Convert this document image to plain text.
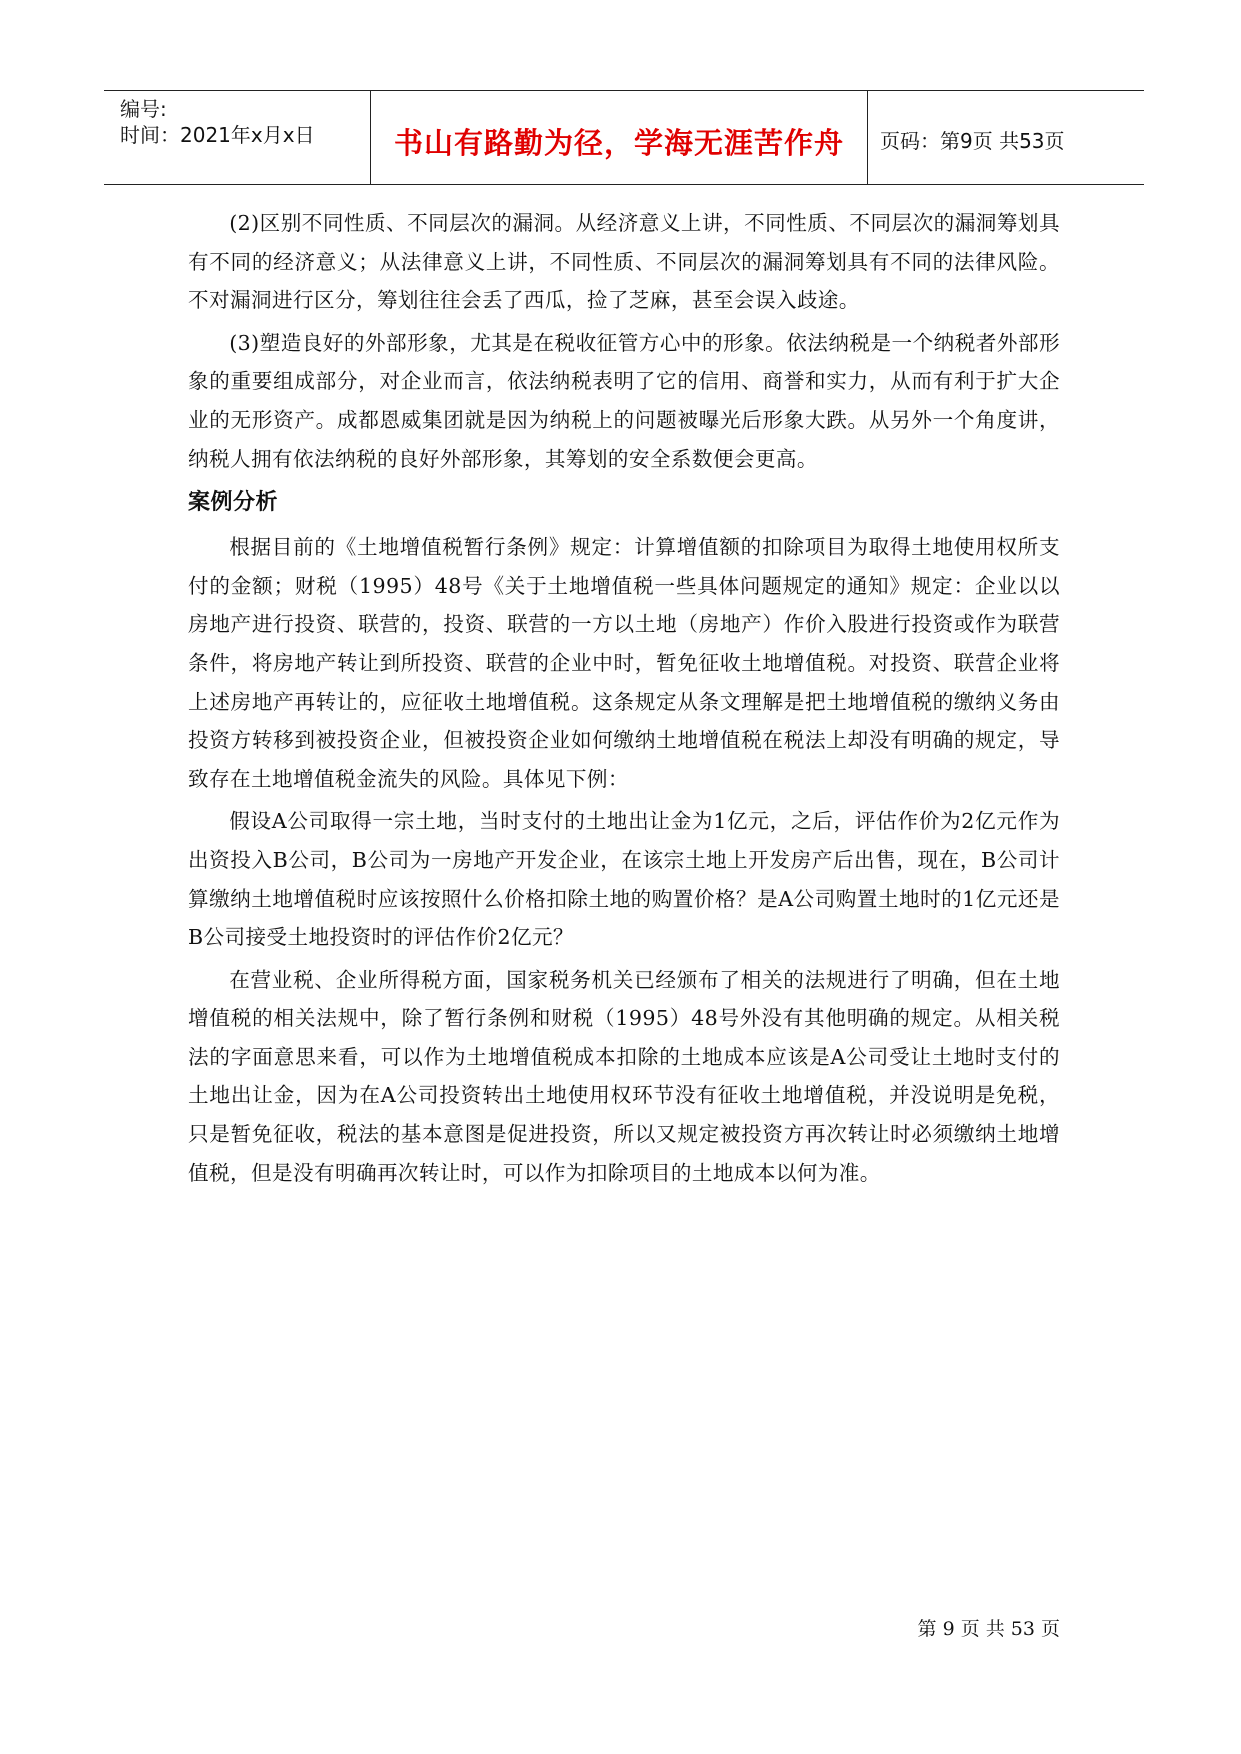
编号:
时间：2021年x月x日	书山有路勤为径，学海无涯苦作舟	页码：第9页 共53页

(2)区别不同性质、不同层次的漏洞。从经济意义上讲，不同性质、不同层次的漏洞筹划具有不同的经济意义；从法律意义上讲，不同性质、不同层次的漏洞筹划具有不同的法律风险。不对漏洞进行区分，筹划往往会丢了西瓜，捡了芝麻，甚至会误入歧途。

(3)塑造良好的外部形象，尤其是在税收征管方心中的形象。依法纳税是一个纳税者外部形象的重要组成部分，对企业而言，依法纳税表明了它的信用、商誉和实力，从而有利于扩大企业的无形资产。成都恩威集团就是因为纳税上的问题被曝光后形象大跌。从另外一个角度讲，纳税人拥有依法纳税的良好外部形象，其筹划的安全系数便会更高。

案例分析

根据目前的《土地增值税暂行条例》规定：计算增值额的扣除项目为取得土地使用权所支付的金额；财税（1995）48号《关于土地增值税一些具体问题规定的通知》规定：企业以以房地产进行投资、联营的，投资、联营的一方以土地（房地产）作价入股进行投资或作为联营条件，将房地产转让到所投资、联营的企业中时，暂免征收土地增值税。对投资、联营企业将上述房地产再转让的，应征收土地增值税。这条规定从条文理解是把土地增值税的缴纳义务由投资方转移到被投资企业，但被投资企业如何缴纳土地增值税在税法上却没有明确的规定，导致存在土地增值税金流失的风险。具体见下例：

假设A公司取得一宗土地，当时支付的土地出让金为1亿元，之后，评估作价为2亿元作为出资投入B公司，B公司为一房地产开发企业，在该宗土地上开发房产后出售，现在，B公司计算缴纳土地增值税时应该按照什么价格扣除土地的购置价格？是A公司购置土地时的1亿元还是B公司接受土地投资时的评估作价2亿元？

在营业税、企业所得税方面，国家税务机关已经颁布了相关的法规进行了明确，但在土地增值税的相关法规中，除了暂行条例和财税（1995）48号外没有其他明确的规定。从相关税法的字面意思来看，可以作为土地增值税成本扣除的土地成本应该是A公司受让土地时支付的土地出让金，因为在A公司投资转出土地使用权环节没有征收土地增值税，并没说明是免税，只是暂免征收，税法的基本意图是促进投资，所以又规定被投资方再次转让时必须缴纳土地增值税，但是没有明确再次转让时，可以作为扣除项目的土地成本以何为准。

第 9 页 共 53 页
